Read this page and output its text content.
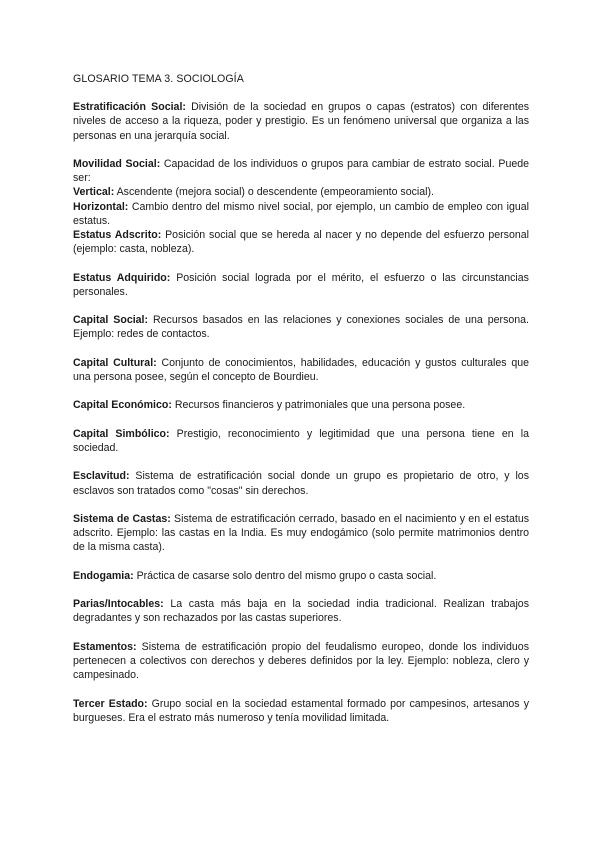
GLOSARIO TEMA 3. SOCIOLOGÍA

Estratificación Social: División de la sociedad en grupos o capas (estratos) con diferentes niveles de acceso a la riqueza, poder y prestigio. Es un fenómeno universal que organiza a las personas en una jerarquía social.

Movilidad Social: Capacidad de los individuos o grupos para cambiar de estrato social. Puede ser:

Vertical: Ascendente (mejora social) o descendente (empeoramiento social).

Horizontal: Cambio dentro del mismo nivel social, por ejemplo, un cambio de empleo con igual estatus.

Estatus Adscrito: Posición social que se hereda al nacer y no depende del esfuerzo personal (ejemplo: casta, nobleza).

Estatus Adquirido: Posición social lograda por el mérito, el esfuerzo o las circunstancias personales.

Capital Social: Recursos basados en las relaciones y conexiones sociales de una persona. Ejemplo: redes de contactos.

Capital Cultural: Conjunto de conocimientos, habilidades, educación y gustos culturales que una persona posee, según el concepto de Bourdieu.

Capital Económico: Recursos financieros y patrimoniales que una persona posee.

Capital Simbólico: Prestigio, reconocimiento y legitimidad que una persona tiene en la sociedad.

Esclavitud: Sistema de estratificación social donde un grupo es propietario de otro, y los esclavos son tratados como "cosas" sin derechos.

Sistema de Castas: Sistema de estratificación cerrado, basado en el nacimiento y en el estatus adscrito. Ejemplo: las castas en la India. Es muy endogámico (solo permite matrimonios dentro de la misma casta).

Endogamia: Práctica de casarse solo dentro del mismo grupo o casta social.

Parias/Intocables: La casta más baja en la sociedad india tradicional. Realizan trabajos degradantes y son rechazados por las castas superiores.

Estamentos: Sistema de estratificación propio del feudalismo europeo, donde los individuos pertenecen a colectivos con derechos y deberes definidos por la ley. Ejemplo: nobleza, clero y campesinado.

Tercer Estado: Grupo social en la sociedad estamental formado por campesinos, artesanos y burgueses. Era el estrato más numeroso y tenía movilidad limitada.
